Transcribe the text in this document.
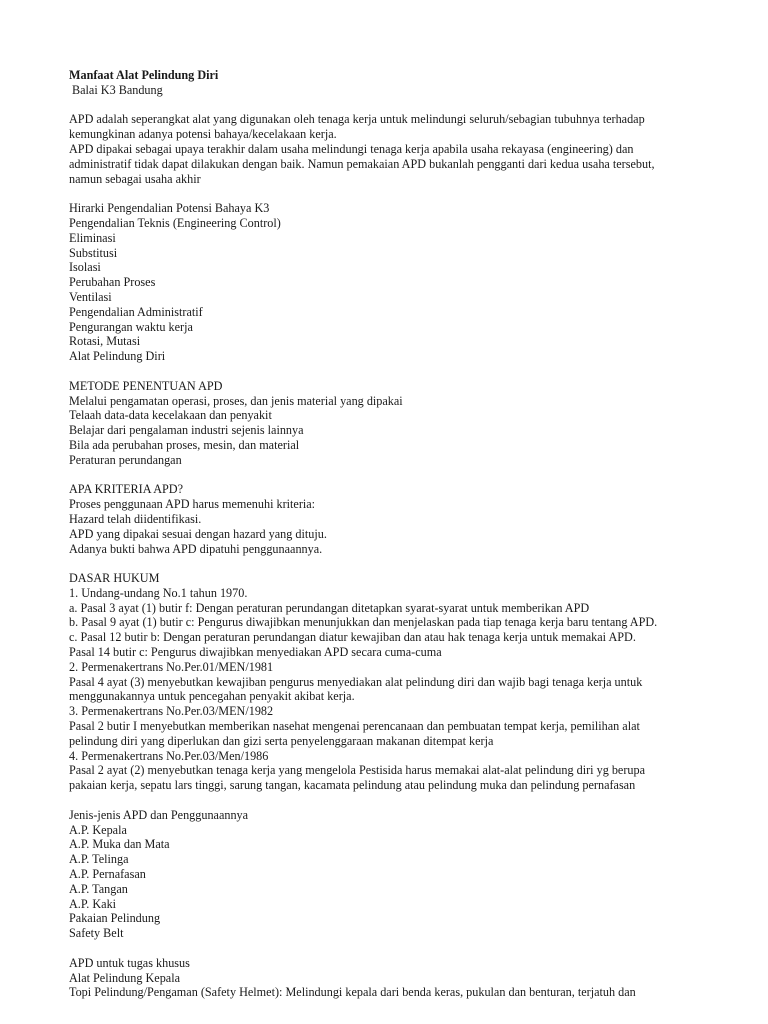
Manfaat Alat Pelindung Diri
Balai K3 Bandung
APD adalah seperangkat alat yang digunakan oleh tenaga kerja untuk melindungi seluruh/sebagian tubuhnya terhadap
kemungkinan adanya potensi bahaya/kecelakaan kerja.
APD dipakai sebagai upaya terakhir dalam usaha melindungi tenaga kerja apabila usaha rekayasa (engineering) dan
administratif tidak dapat dilakukan dengan baik. Namun pemakaian APD bukanlah pengganti dari kedua usaha tersebut,
namun sebagai usaha akhir
Hirarki Pengendalian Potensi Bahaya K3
Pengendalian Teknis (Engineering Control)
Eliminasi
Substitusi
Isolasi
Perubahan Proses
Ventilasi
Pengendalian Administratif
Pengurangan waktu kerja
Rotasi, Mutasi
Alat Pelindung Diri
METODE PENENTUAN APD
Melalui pengamatan operasi, proses, dan jenis material yang dipakai
Telaah data-data kecelakaan dan penyakit
Belajar dari pengalaman industri sejenis lainnya
Bila ada perubahan proses, mesin, dan material
Peraturan perundangan
APA KRITERIA APD?
Proses penggunaan APD harus memenuhi kriteria:
Hazard telah diidentifikasi.
APD yang dipakai sesuai dengan hazard yang dituju.
Adanya bukti bahwa APD dipatuhi penggunaannya.
DASAR HUKUM
1. Undang-undang No.1 tahun 1970.
a. Pasal 3 ayat (1) butir f: Dengan peraturan perundangan ditetapkan syarat-syarat untuk memberikan APD
b. Pasal 9 ayat (1) butir c: Pengurus diwajibkan menunjukkan dan menjelaskan pada tiap tenaga kerja baru tentang APD.
c. Pasal 12 butir b: Dengan peraturan perundangan diatur kewajiban dan atau hak tenaga kerja untuk memakai APD.
Pasal 14 butir c: Pengurus diwajibkan menyediakan APD secara cuma-cuma
2. Permenakertrans No.Per.01/MEN/1981
Pasal 4 ayat (3) menyebutkan kewajiban pengurus menyediakan alat pelindung diri dan wajib bagi tenaga kerja untuk
menggunakannya untuk pencegahan penyakit akibat kerja.
3. Permenakertrans No.Per.03/MEN/1982
Pasal 2 butir I menyebutkan memberikan nasehat mengenai perencanaan dan pembuatan tempat kerja, pemilihan alat
pelindung diri yang diperlukan dan gizi serta penyelenggaraan makanan ditempat kerja
4. Permenakertrans No.Per.03/Men/1986
Pasal 2 ayat (2) menyebutkan tenaga kerja yang mengelola Pestisida harus memakai alat-alat pelindung diri yg berupa
pakaian kerja, sepatu lars tinggi, sarung tangan, kacamata pelindung atau pelindung muka dan pelindung pernafasan
Jenis-jenis APD dan Penggunaannya
A.P. Kepala
A.P. Muka dan Mata
A.P. Telinga
A.P. Pernafasan
A.P. Tangan
A.P. Kaki
Pakaian Pelindung
Safety Belt
APD untuk tugas khusus
Alat Pelindung Kepala
Topi Pelindung/Pengaman (Safety Helmet): Melindungi kepala dari benda keras, pukulan dan benturan, terjatuh dan
